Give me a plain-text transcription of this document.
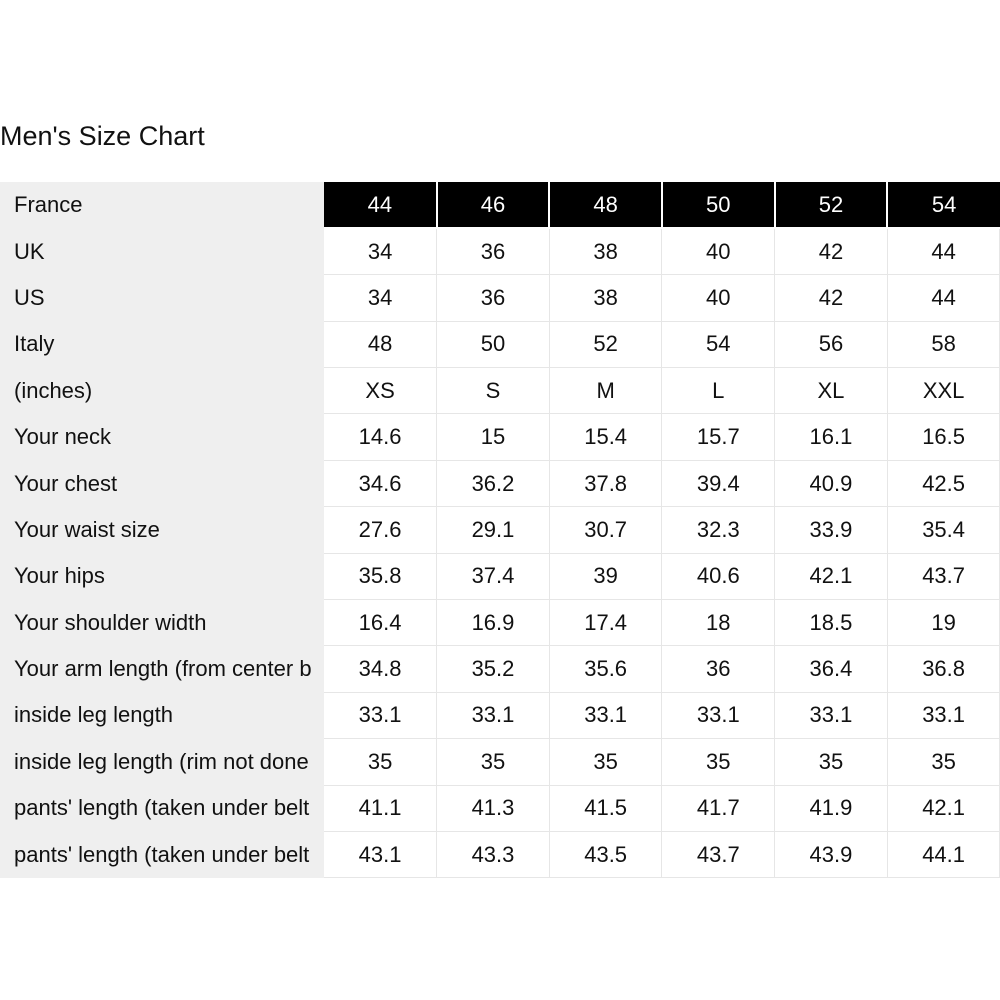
Men's Size Chart
France	44	46	48	50	52	54
UK	34	36	38	40	42	44
US	34	36	38	40	42	44
Italy	48	50	52	54	56	58
(inches)	XS	S	M	L	XL	XXL
Your neck	14.6	15	15.4	15.7	16.1	16.5
Your chest	34.6	36.2	37.8	39.4	40.9	42.5
Your waist size	27.6	29.1	30.7	32.3	33.9	35.4
Your hips	35.8	37.4	39	40.6	42.1	43.7
Your shoulder width	16.4	16.9	17.4	18	18.5	19
Your arm length (from center b	34.8	35.2	35.6	36	36.4	36.8
inside leg length	33.1	33.1	33.1	33.1	33.1	33.1
inside leg length (rim not done	35	35	35	35	35	35
pants' length (taken under belt	41.1	41.3	41.5	41.7	41.9	42.1
pants' length (taken under belt	43.1	43.3	43.5	43.7	43.9	44.1
